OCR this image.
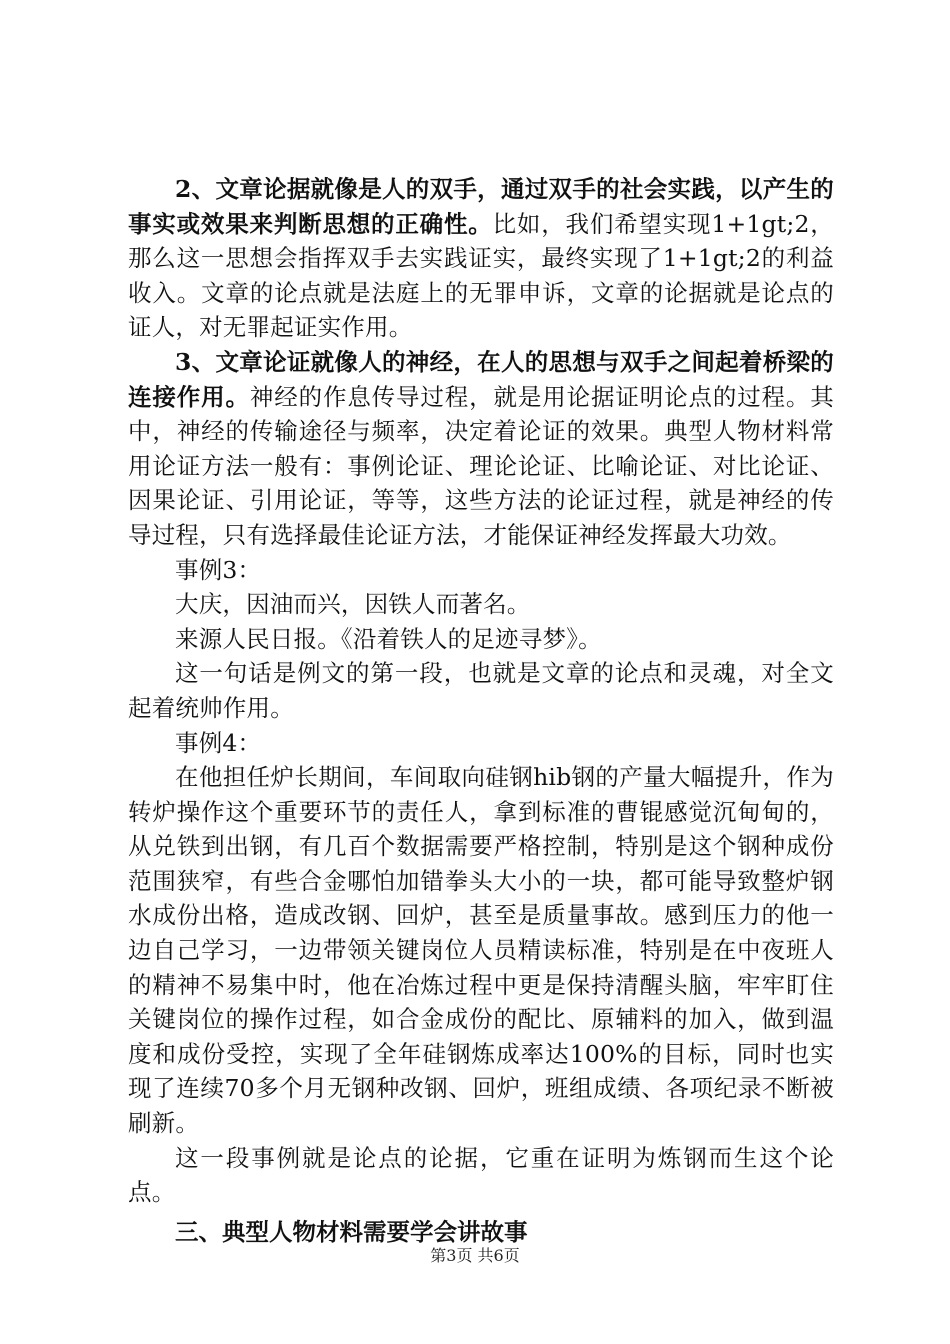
2、文章论据就像是人的双手，通过双手的社会实践，以产生的事实或效果来判断思想的正确性。比如，我们希望实现1+1gt;2，那么这一思想会指挥双手去实践证实，最终实现了1+1gt;2的利益收入。文章的论点就是法庭上的无罪申诉，文章的论据就是论点的证人，对无罪起证实作用。

3、文章论证就像人的神经，在人的思想与双手之间起着桥梁的连接作用。神经的作息传导过程，就是用论据证明论点的过程。其中，神经的传输途径与频率，决定着论证的效果。典型人物材料常用论证方法一般有：事例论证、理论论证、比喻论证、对比论证、因果论证、引用论证，等等，这些方法的论证过程，就是神经的传导过程，只有选择最佳论证方法，才能保证神经发挥最大功效。

事例3：

大庆，因油而兴，因铁人而著名。

来源人民日报。《沿着铁人的足迹寻梦》。

这一句话是例文的第一段，也就是文章的论点和灵魂，对全文起着统帅作用。

事例4：

在他担任炉长期间，车间取向硅钢hib钢的产量大幅提升，作为转炉操作这个重要环节的责任人，拿到标准的曹锟感觉沉甸甸的，从兑铁到出钢，有几百个数据需要严格控制，特别是这个钢种成份范围狭窄，有些合金哪怕加错拳头大小的一块，都可能导致整炉钢水成份出格，造成改钢、回炉，甚至是质量事故。感到压力的他一边自己学习，一边带领关键岗位人员精读标准，特别是在中夜班人的精神不易集中时，他在冶炼过程中更是保持清醒头脑，牢牢盯住关键岗位的操作过程，如合金成份的配比、原辅料的加入，做到温度和成份受控，实现了全年硅钢炼成率达100%的目标，同时也实现了连续70多个月无钢种改钢、回炉，班组成绩、各项纪录不断被刷新。

这一段事例就是论点的论据，它重在证明为炼钢而生这个论点。

三、典型人物材料需要学会讲故事

第3页 共6页
